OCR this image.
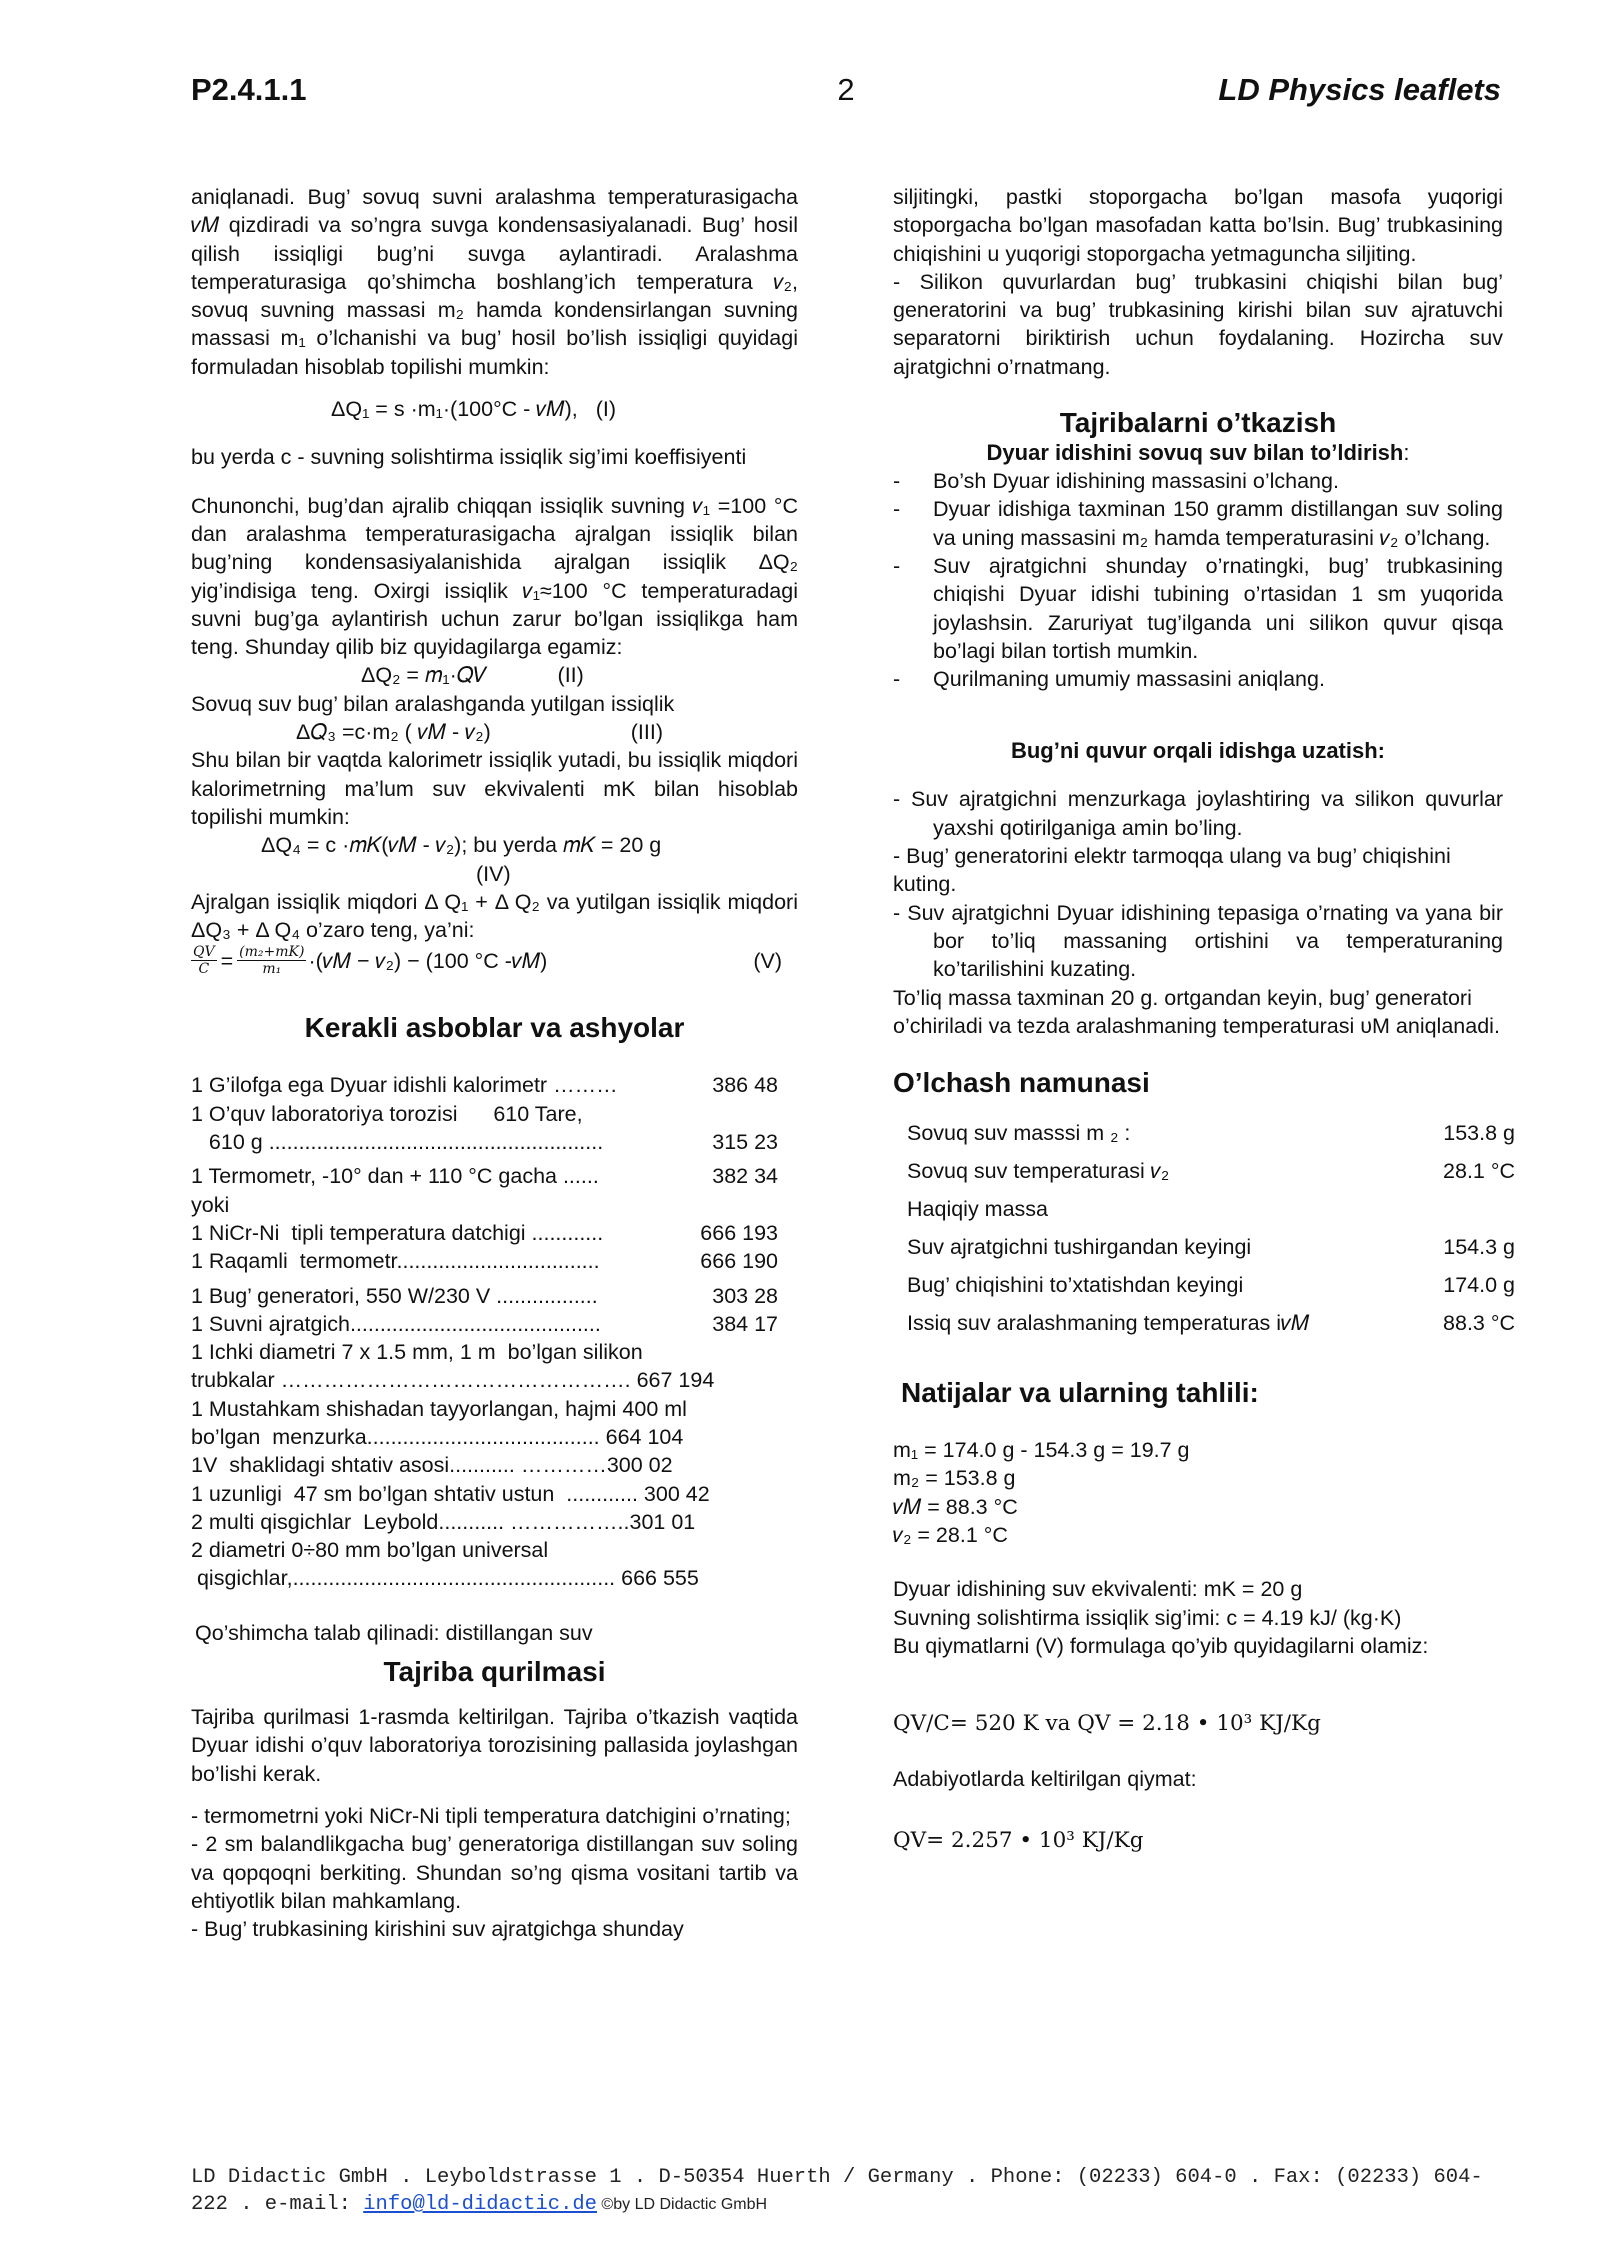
2
P2.4.1.1	LD Physics leaflets

aniqlanadi. Bug’ sovuq suvni aralashma temperaturasigacha 𝑣𝑀 qizdiradi va so’ngra suvga kondensasiyalanadi. Bug’ hosil qilish issiqligi bug’ni suvga aylantiradi. Aralashma temperaturasiga qo’shimcha boshlang’ich temperatura 𝑣₂, sovuq suvning massasi m₂ hamda kondensirlangan suvning massasi m₁ o’lchanishi va bug’ hosil bo’lish issiqligi quyidagi formuladan hisoblab topilishi mumkin:

ΔQ₁ = s ·m₁·(100°C - 𝑣𝑀), (I)

bu yerda c - suvning solishtirma issiqlik sig’imi koeffisiyenti

Chunonchi, bug’dan ajralib chiqqan issiqlik suvning 𝑣₁ =100 °C dan aralashma temperaturasigacha ajralgan issiqlik bilan bug’ning kondensasiyalanishida ajralgan issiqlik ΔQ₂ yig’indisiga teng. Oxirgi issiqlik 𝑣₁≈100 °C temperaturadagi suvni bug’ga aylantirish uchun zarur bo’lgan issiqlikga ham teng. Shunday qilib biz quyidagilarga egamiz:

ΔQ₂ = 𝑚₁·𝑄𝑉	(II)

Sovuq suv bug’ bilan aralashganda yutilgan issiqlik

Δ𝑄₃ =c·m₂ ( 𝑣𝑀 - 𝑣₂)	(III)

Shu bilan bir vaqtda kalorimetr issiqlik yutadi, bu issiqlik miqdori kalorimetrning ma’lum suv ekvivalenti mK bilan hisoblab topilishi mumkin:

ΔQ₄ = c ·𝑚𝐾(𝑣𝑀 - 𝑣₂); bu yerda 𝑚𝐾 = 20 g

(IV)

Ajralgan issiqlik miqdori Δ Q₁ + Δ Q₂ va yutilgan issiqlik miqdori ΔQ₃ + Δ Q₄ o’zaro teng, ya’ni:

$\frac{\text{𝑄𝑉}}{\text{𝐶}} = \frac{\text{(𝑚₂+𝑚𝐾)}}{\text{𝑚₁}}$ ·(𝑣𝑀 − 𝑣₂) − (100 °C -𝑣𝑀)	(V)

Kerakli asboblar va ashyolar

1 G’ilofga ega Dyuar idishli kalorimetr ………	386 48
1 O’quv laboratoriya torozisi      610 Tare,
610 g ........................................................	315 23
1 Termometr, -10° dan + 110 °C gacha ......	382 34
yoki
1 NiCr-Ni  tipli temperatura datchigi ............	666 193
1 Raqamli  termometr..................................	666 190
1 Bug’ generatori, 550 W/230 V .................	303 28
1 Suvni ajratgich..........................................	384 17
1 Ichki diametri 7 x 1.5 mm, 1 m  bo’lgan silikon
trubkalar …………………………………………. 667 194
1 Mustahkam shishadan tayyorlangan, hajmi 400 ml
bo’lgan  menzurka....................................... 664 104
1V  shaklidagi shtativ asosi........... …………300 02
1 uzunligi  47 sm bo’lgan shtativ ustun  ............ 300 42
2 multi qisgichlar  Leybold........... ……………..301 01
2 diametri 0÷80 mm bo’lgan universal
qisgichlar,...................................................... 666 555

Qo’shimcha talab qilinadi: distillangan suv

Tajriba qurilmasi

Tajriba qurilmasi 1-rasmda keltirilgan. Tajriba o’tkazish vaqtida Dyuar idishi o’quv laboratoriya torozisining pallasida joylashgan bo’lishi kerak.

- termometrni yoki NiCr-Ni tipli temperatura datchigini o’rnating;

- 2 sm balandlikgacha bug’ generatoriga distillangan suv soling va qopqoqni berkiting. Shundan so’ng qisma vositani tartib va ehtiyotlik bilan mahkamlang.

- Bug’ trubkasining kirishini suv ajratgichga shunday

siljitingki, pastki stoporgacha bo’lgan masofa yuqorigi stoporgacha bo’lgan masofadan katta bo’lsin. Bug’ trubkasining chiqishini u yuqorigi stoporgacha yetmaguncha siljiting.

- Silikon quvurlardan bug’ trubkasini chiqishi bilan bug’ generatorini va bug’ trubkasining kirishi bilan suv ajratuvchi separatorni biriktirish uchun foydalaning. Hozircha suv ajratgichni o’rnatmang.

Tajribalarni o’tkazish

Dyuar idishini sovuq suv bilan to’ldirish:

- Bo’sh Dyuar idishining massasini o’lchang.
- Dyuar idishiga taxminan 150 gramm distillangan suv soling va uning massasini m₂ hamda temperaturasini 𝑣₂ o’lchang.
- Suv ajratgichni shunday o’rnatingki, bug’ trubkasining chiqishi Dyuar idishi tubining o’rtasidan 1 sm yuqorida joylashsin. Zaruriyat tug’ilganda uni silikon quvur qisqa bo’lagi bilan tortish mumkin.
- Qurilmaning umumiy massasini aniqlang.

Bug’ni quvur orqali idishga uzatish:

- Suv ajratgichni menzurkaga joylashtiring va silikon quvurlar yaxshi qotirilganiga amin bo’ling.

- Bug’ generatorini elektr tarmoqqa ulang va bug’ chiqishini kuting.

- Suv ajratgichni Dyuar idishining tepasiga o’rnating va yana bir bor to’liq massaning ortishini va temperaturaning ko’tarilishini kuzating.

To’liq massa taxminan 20 g. ortgandan keyin, bug’ generatori o’chiriladi va tezda aralashmaning temperaturasi υM aniqlanadi.

O’lchash namunasi

Sovuq suv masssi m ₂ :	153.8 g
Sovuq suv temperaturasi 𝑣₂	28.1 °C
Haqiqiy massa	
Suv ajratgichni tushirgandan keyingi	154.3 g
Bug’ chiqishini to’xtatishdan keyingi	174.0 g
Issiq suv aralashmaning temperaturas i𝑣𝑀	88.3 °C

Natijalar va ularning tahlili:

m₁ = 174.0 g - 154.3 g = 19.7 g

m₂ = 153.8 g

𝑣𝑀 = 88.3 °C

𝑣₂ = 28.1 °C

Dyuar idishining suv ekvivalenti: mK = 20 g

Suvning solishtirma issiqlik sig’imi: c = 4.19 kJ/ (kg·K)

Bu qiymatlarni (V) formulaga qo’yib quyidagilarni olamiz:

QV/C= 520 K va QV = 2.18 • 10³ KJ/Kg

Adabiyotlarda keltirilgan qiymat:

QV= 2.257 • 10³ KJ/Kg

LD Didactic GmbH . Leyboldstrasse 1 . D-50354 Huerth / Germany . Phone: (02233) 604-0 . Fax: (02233) 604-222 . e-mail: info@ld-didactic.de ©by LD Didactic GmbH
